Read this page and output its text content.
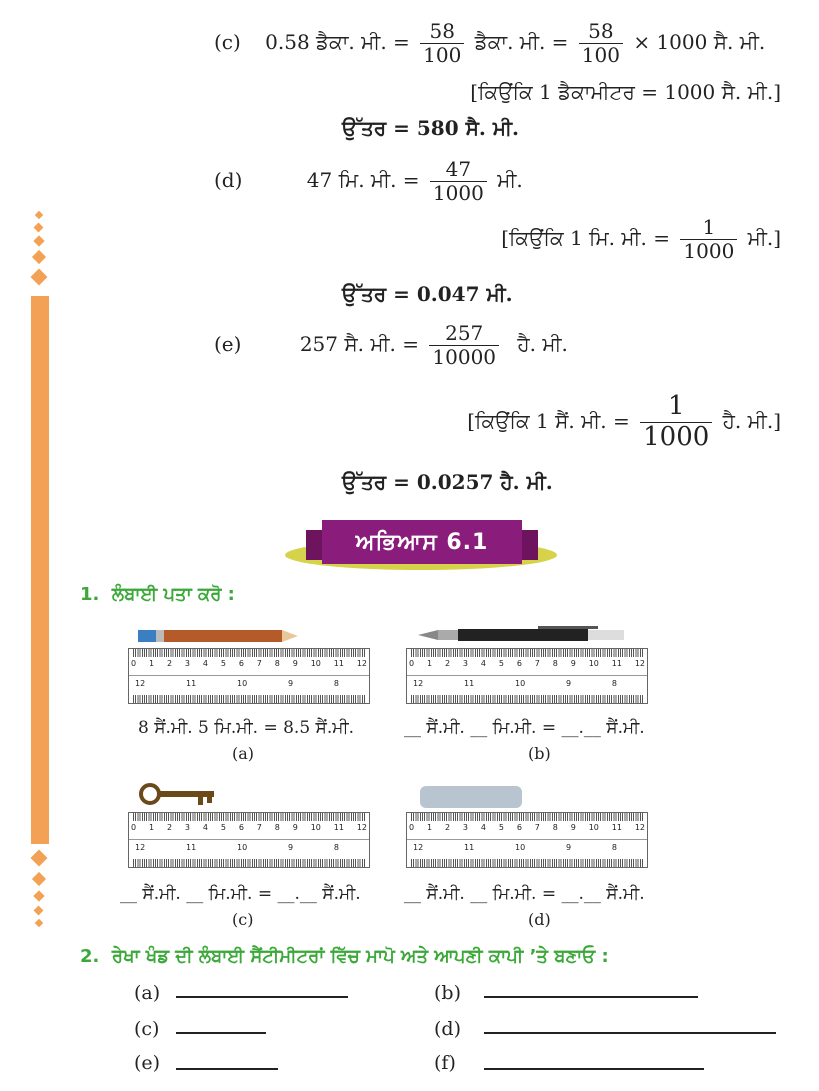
(c) 0.58 ਡੈਕਾ. ਮੀ. = $\frac{58}{100}$ ਡੈਕਾ. ਮੀ. = $\frac{58}{100} \times 1000$ ਸੈ. ਮੀ.
[ਕਿਉਂਕਿ 1 ਡੈਕਾਮੀਟਰ = 1000 ਸੈ. ਮੀ.]
ਉੱਤਰ = 580 ਸੈ. ਮੀ.
(d)	47 ਮਿ. ਮੀ. = $\frac{47}{1000}$ ਮੀ.
[ਕਿਉਂਕਿ 1 ਮਿ. ਮੀ. = $\frac{1}{1000}$ ਮੀ.]
ਉੱਤਰ = 0.047 ਮੀ.
(e)	257 ਸੈ. ਮੀ. = $\frac{257}{10000}$ ਹੈ. ਮੀ.
[ਕਿਉਂਕਿ 1 ਸੈਂ. ਮੀ. = $\frac{1}{1000}$ ਹੈ. ਮੀ.]
ਉੱਤਰ = 0.0257 ਹੈ. ਮੀ.
ਅਭਿਆਸ 6.1
1. ਲੰਬਾਈ ਪਤਾ ਕਰੋ :
0 1 2 3 4 5 6 7 8 9 10 11 12
12	11	10	9	8
8 ਸੈਂ.ਮੀ. 5 ਮਿ.ਮੀ. = 8.5 ਸੈਂ.ਮੀ.
(a)
0 1 2 3 4 5 6 7 8 9 10 11 12
12	11	10	9	8
__ ਸੈਂ.ਮੀ. __ ਮਿ.ਮੀ. = __.__ ਸੈਂ.ਮੀ.
(b)
0 1 2 3 4 5 6 7 8 9 10 11 12
12	11	10	9	8
__ ਸੈਂ.ਮੀ. __ ਮਿ.ਮੀ. = __.__ ਸੈਂ.ਮੀ.
(c)
0 1 2 3 4 5 6 7 8 9 10 11 12
12	11	10	9	8
__ ਸੈਂ.ਮੀ. __ ਮਿ.ਮੀ. = __.__ ਸੈਂ.ਮੀ.
(d)
2. ਰੇਖਾ ਖੰਡ ਦੀ ਲੰਬਾਈ ਸੈਂਟੀਮੀਟਰਾਂ ਵਿੱਚ ਮਾਪੋ ਅਤੇ ਆਪਣੀ ਕਾਪੀ ’ਤੇ ਬਣਾਓ :
(a)	(b)
(c)	(d)
(e)	(f)
